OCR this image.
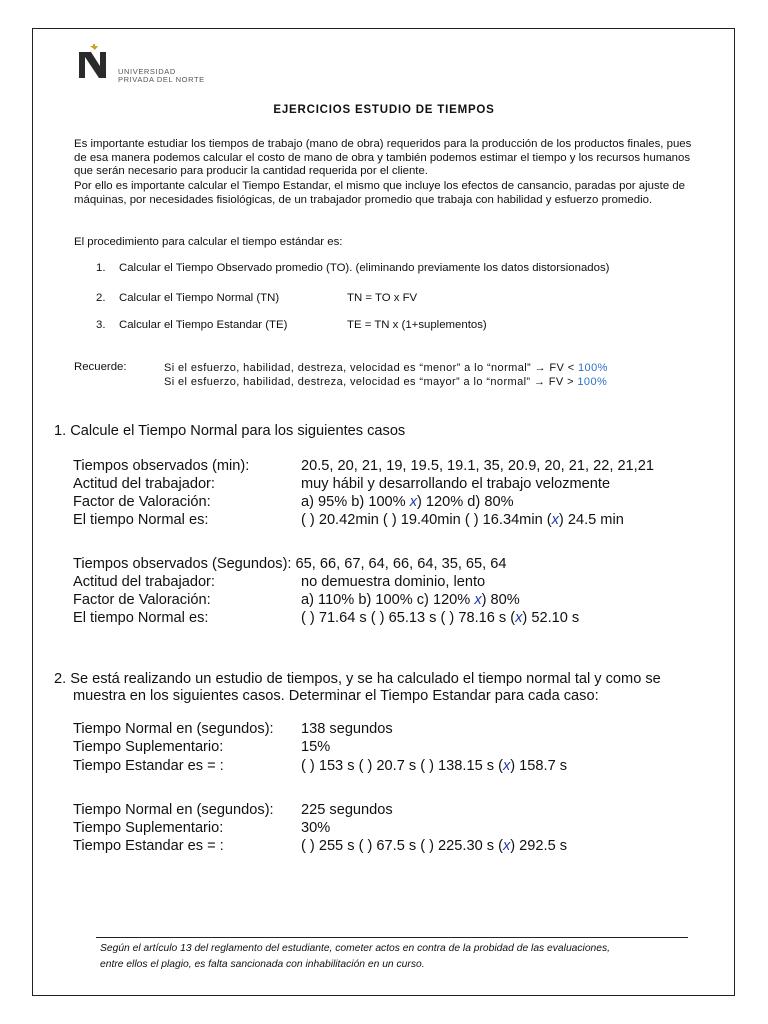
UNIVERSIDAD
PRIVADA DEL NORTE
EJERCICIOS ESTUDIO DE TIEMPOS
Es importante estudiar los tiempos de trabajo (mano de obra) requeridos para la producción de los productos finales, pues de esa manera podemos calcular el costo de mano de obra y también podemos estimar el tiempo y los recursos humanos que serán necesario para producir la cantidad requerida por el cliente.
Por ello es importante calcular el Tiempo Estandar, el mismo que incluye los efectos de cansancio, paradas por ajuste de máquinas, por necesidades fisiológicas, de un trabajador promedio que trabaja con habilidad y esfuerzo promedio.
El procedimiento para calcular el tiempo estándar es:
1. Calcular el Tiempo Observado promedio (TO). (eliminando previamente los datos distorsionados)
2. Calcular el Tiempo Normal (TN)	TN = TO x FV
3. Calcular el Tiempo Estandar (TE)	TE = TN x (1+suplementos)
Recuerde:	Si el esfuerzo, habilidad, destreza, velocidad es “menor” a lo “normal” → FV < 100%
Si el esfuerzo, habilidad, destreza, velocidad es “mayor” a lo “normal” → FV > 100%
1. Calcule el Tiempo Normal para los siguientes casos
Tiempos observados (min):	20.5, 20, 21, 19, 19.5, 19.1, 35, 20.9, 20, 21, 22, 21,21
Actitud del trabajador:	muy hábil y desarrollando el trabajo velozmente
Factor de Valoración:	a) 95% b) 100% x) 120% d) 80%
El tiempo Normal es:	( ) 20.42min ( ) 19.40min ( ) 16.34min (x) 24.5 min
Tiempos observados (Segundos): 65, 66, 67, 64, 66, 64, 35, 65, 64
Actitud del trabajador:	no demuestra dominio, lento
Factor de Valoración:	a) 110% b) 100% c) 120% x) 80%
El tiempo Normal es:	( ) 71.64 s ( ) 65.13 s ( ) 78.16 s (x) 52.10 s
2. Se está realizando un estudio de tiempos, y se ha calculado el tiempo normal tal y como se
muestra en los siguientes casos. Determinar el Tiempo Estandar para cada caso:
Tiempo Normal en (segundos): 138 segundos
Tiempo Suplementario:	15%
Tiempo Estandar es = :	( ) 153 s ( ) 20.7 s ( ) 138.15 s (x) 158.7 s
Tiempo Normal en (segundos): 225 segundos
Tiempo Suplementario:	30%
Tiempo Estandar es = :	( ) 255 s ( ) 67.5 s ( ) 225.30 s (x) 292.5 s
Según el artículo 13 del reglamento del estudiante, cometer actos en contra de la probidad de las evaluaciones,
entre ellos el plagio, es falta sancionada con inhabilitación en un curso.
